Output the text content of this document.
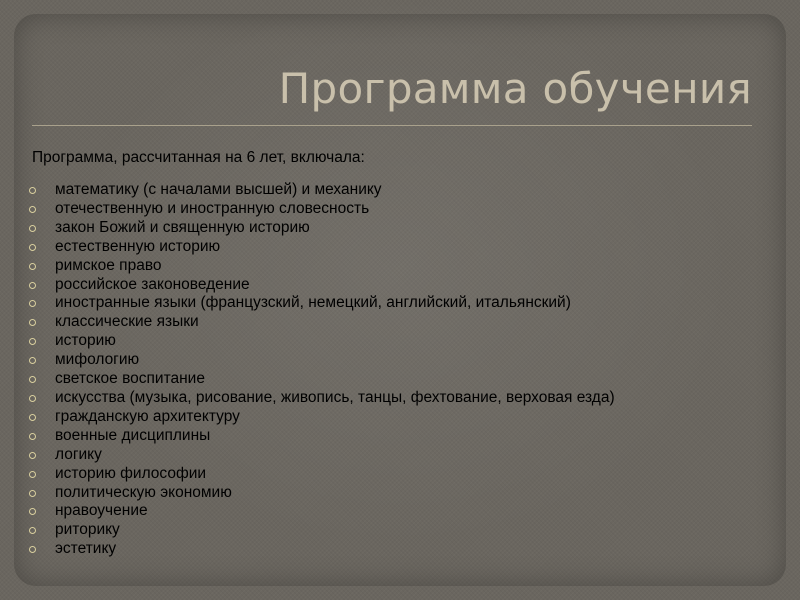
Программа обучения

Программа, рассчитанная на 6 лет, включала:

математику (с началами высшей) и механику
отечественную и иностранную словесность
закон Божий и священную историю
естественную историю
римское право
российское законоведение
иностранные языки (французский, немецкий, английский, итальянский)
классические языки
историю
мифологию
светское воспитание
искусства (музыка, рисование, живопись, танцы, фехтование, верховая езда)
гражданскую архитектуру
военные дисциплины
логику
историю философии
политическую экономию
нравоучение
риторику
эстетику
